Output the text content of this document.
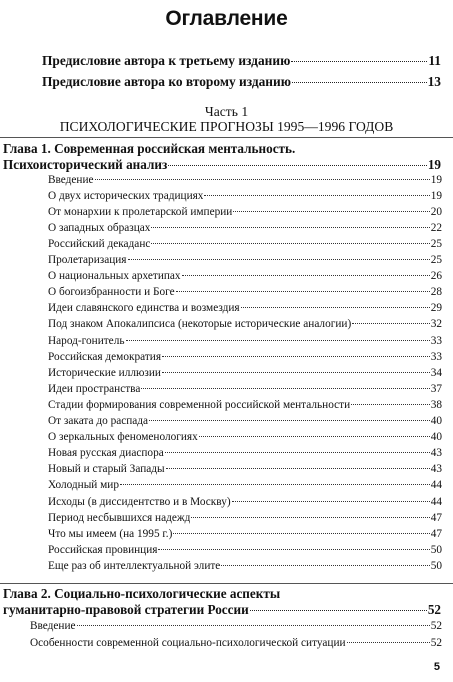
Оглавление
Предисловие автора к третьему изданию	11
Предисловие автора ко второму изданию	13
Часть 1
ПСИХОЛОГИЧЕСКИЕ ПРОГНОЗЫ 1995—1996 ГОДОВ
Глава 1. Современная российская ментальность.
Психоисторический анализ	19
Введение	19
О двух исторических традициях	19
От монархии к пролетарской империи	20
О западных образцах	22
Российский декаданс	25
Пролетаризация	25
О национальных архетипах	26
О богоизбранности и Боге	28
Идеи славянского единства и возмездия	29
Под знаком Апокалипсиса (некоторые исторические аналогии)	32
Народ-гонитель	33
Российская демократия	33
Исторические иллюзии	34
Идеи пространства	37
Стадии формирования современной российской ментальности	38
От заката до распада	40
О зеркальных феноменологиях	40
Новая русская диаспора	43
Новый и старый Запады	43
Холодный мир	44
Исходы (в диссидентство и в Москву)	44
Период несбывшихся надежд	47
Что мы имеем (на 1995 г.)	47
Российская провинция	50
Еще раз об интеллектуальной элите	50
Глава 2. Социально-психологические аспекты
гуманитарно-правовой стратегии России	52
Введение	52
Особенности современной социально-психологической ситуации	52
5
